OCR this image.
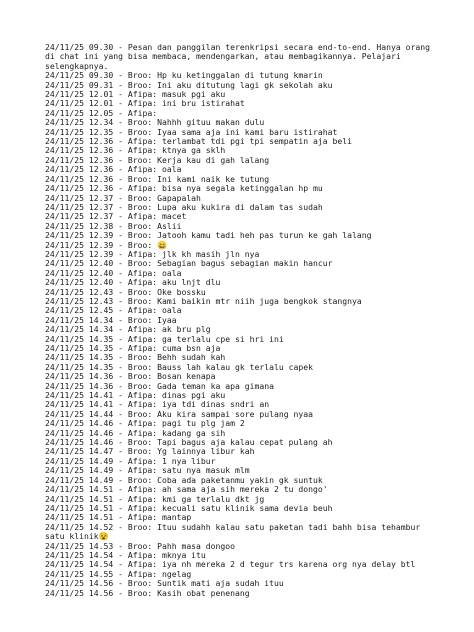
24/11/25 09.30 - Pesan dan panggilan terenkripsi secara end-to-end. Hanya orang di chat ini yang bisa membaca, mendengarkan, atau membagikannya. Pelajari selengkapnya.
24/11/25 09.30 - Broo: Hp ku ketinggalan di tutung kmarin
24/11/25 09.31 - Broo: Ini aku ditutung lagi gk sekolah aku
24/11/25 12.01 - Afipa: masuk pgi aku
24/11/25 12.01 - Afipa: ini bru istirahat
24/11/25 12.05 - Afipa:
24/11/25 12.34 - Broo: Nahhh gituu makan dulu
24/11/25 12.35 - Broo: Iyaa sama aja ini kami baru istirahat
24/11/25 12.36 - Afipa: terlambat tdi pgi tpi sempatin aja beli
24/11/25 12.36 - Afipa: ktnya ga sklh
24/11/25 12.36 - Broo: Kerja kau di gah lalang
24/11/25 12.36 - Afipa: oala
24/11/25 12.36 - Broo: Ini kami naik ke tutung
24/11/25 12.36 - Afipa: bisa nya segala ketinggalan hp mu
24/11/25 12.37 - Broo: Gapapalah
24/11/25 12.37 - Broo: Lupa aku kukira di dalam tas sudah
24/11/25 12.37 - Afipa: macet
24/11/25 12.38 - Broo: Aslii
24/11/25 12.39 - Broo: Jatooh kamu tadi heh pas turun ke gah lalang
24/11/25 12.39 - Broo: 😄
24/11/25 12.39 - Afipa: jlk kh masih jln nya
24/11/25 12.40 - Broo: Sebagian bagus sebagian makin hancur
24/11/25 12.40 - Afipa: oala
24/11/25 12.40 - Afipa: aku lnjt dlu
24/11/25 12.43 - Broo: Oke bossku
24/11/25 12.43 - Broo: Kami baikin mtr niih juga bengkok stangnya
24/11/25 12.45 - Afipa: oala
24/11/25 14.34 - Broo: Iyaa
24/11/25 14.34 - Afipa: ak bru plg
24/11/25 14.35 - Afipa: ga terlalu cpe si hri ini
24/11/25 14.35 - Afipa: cuma bsn aja
24/11/25 14.35 - Broo: Behh sudah kah
24/11/25 14.35 - Broo: Bauss lah kalau gk terlalu capek
24/11/25 14.36 - Broo: Bosan kenapa
24/11/25 14.36 - Broo: Gada teman ka apa gimana
24/11/25 14.41 - Afipa: dinas pgi aku
24/11/25 14.41 - Afipa: iya tdi dinas sndri an
24/11/25 14.44 - Broo: Aku kira sampai sore pulang nyaa
24/11/25 14.46 - Afipa: pagi tu plg jam 2
24/11/25 14.46 - Afipa: kadang ga sih
24/11/25 14.46 - Broo: Tapi bagus aja kalau cepat pulang ah
24/11/25 14.47 - Broo: Yg lainnya libur kah
24/11/25 14.49 - Afipa: 1 nya libur
24/11/25 14.49 - Afipa: satu nya masuk mlm
24/11/25 14.49 - Broo: Coba ada paketanmu yakin gk suntuk
24/11/25 14.51 - Afipa: ah sama aja sih mereka 2 tu dongo'
24/11/25 14.51 - Afipa: kmi ga terlalu dkt jg
24/11/25 14.51 - Afipa: kecuali satu klinik sama devia beuh
24/11/25 14.51 - Afipa: mantap
24/11/25 14.52 - Broo: Ituu sudahh kalau satu paketan tadi bahh bisa tehambur satu klinik😵
24/11/25 14.53 - Broo: Pahh masa dongoo
24/11/25 14.54 - Afipa: mknya itu
24/11/25 14.54 - Afipa: iya nh mereka 2 d tegur trs karena org nya delay btl
24/11/25 14.55 - Afipa: ngelag
24/11/25 14.56 - Broo: Suntik mati aja sudah ituu
24/11/25 14.56 - Broo: Kasih obat penenang
